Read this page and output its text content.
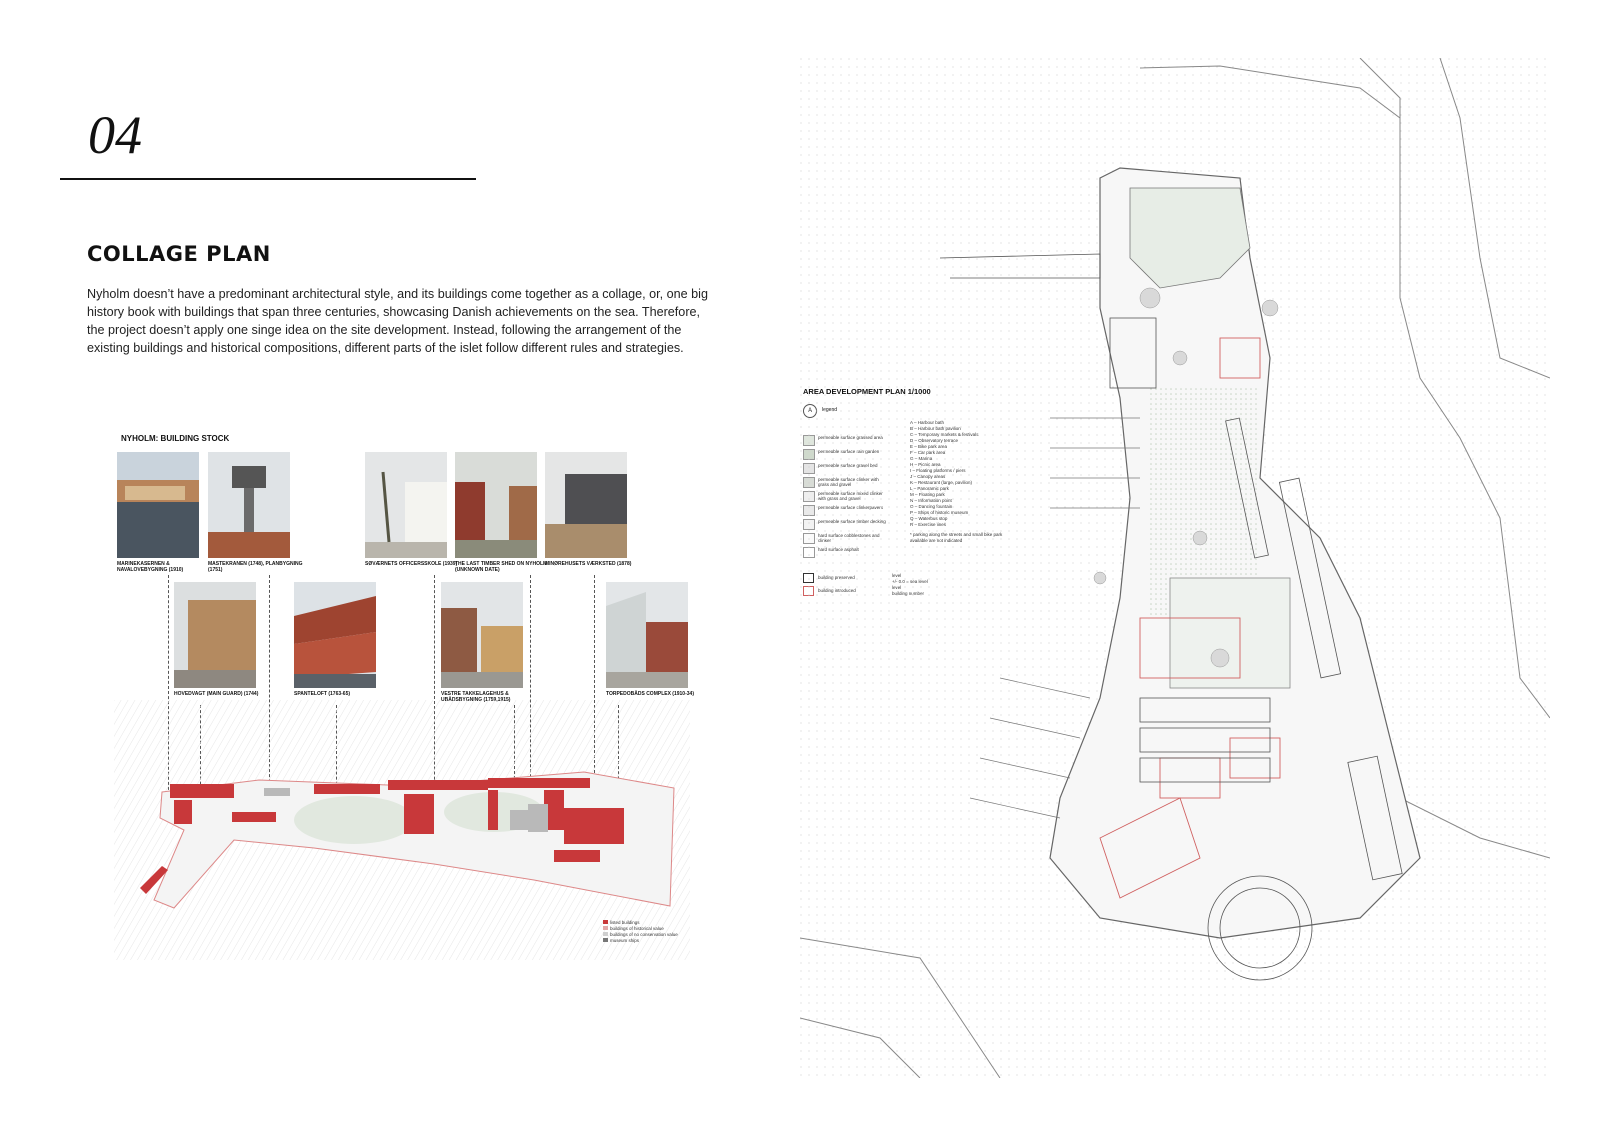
04
COLLAGE PLAN
Nyholm doesn’t have a predominant architectural style, and its buildings come together as a collage, or, one big history book with buildings that span three centuries, showcasing Danish achievements on the sea. Therefore, the project doesn’t apply one singe idea on the site development. Instead, following the arrangement of the existing buildings and historical compositions, different parts of the islet follow different rules and strategies.
NYHOLM: BUILDING STOCK
MARINEKASERNEN & NAVALOVEBYGNING (1910)
MASTEKRANEN (1748), PLANBYGNING (1751)
SØVÆRNETS OFFICERSSKOLE (1939)
THE LAST TIMBER SHED ON NYHOLM (UNKNOWN DATE)
MINØREHUSETS VÆRKSTED (1878)
HOVEDVAGT (MAIN GUARD) (1744)	SPANTELOFT (1763-65)	VESTRE TAKKELAGEHUS &	TORPEDOBÅDS COMPLEX (1910-34)
listed buildings
buildings of historical value
buildings of no conservation value
museum ships
